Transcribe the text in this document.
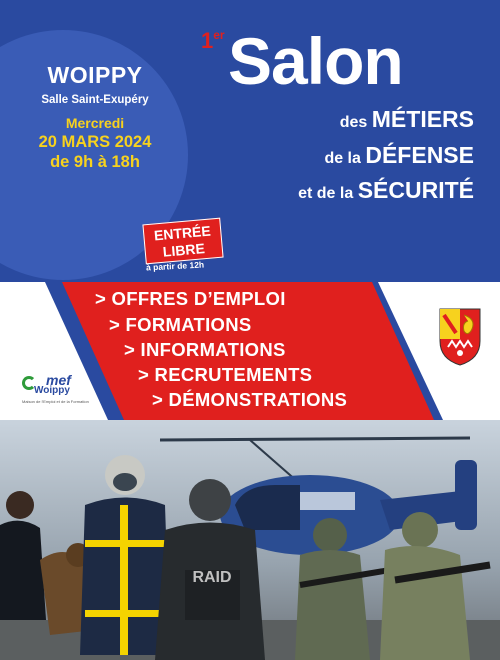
WOIPPY
Salle Saint-Exupéry
Mercredi
20 MARS 2024
de 9h à 18h
1er Salon
des MÉTIERS
de la DÉFENSE
et de la SÉCURITÉ
ENTRÉE
LIBRE
à partir de 12h
> OFFRES D’EMPLOI
> FORMATIONS
> INFORMATIONS
> RECRUTEMENTS
> DÉMONSTRATIONS
mef
Woippy
Maison de l'Emploi et de la Formation
RAID
